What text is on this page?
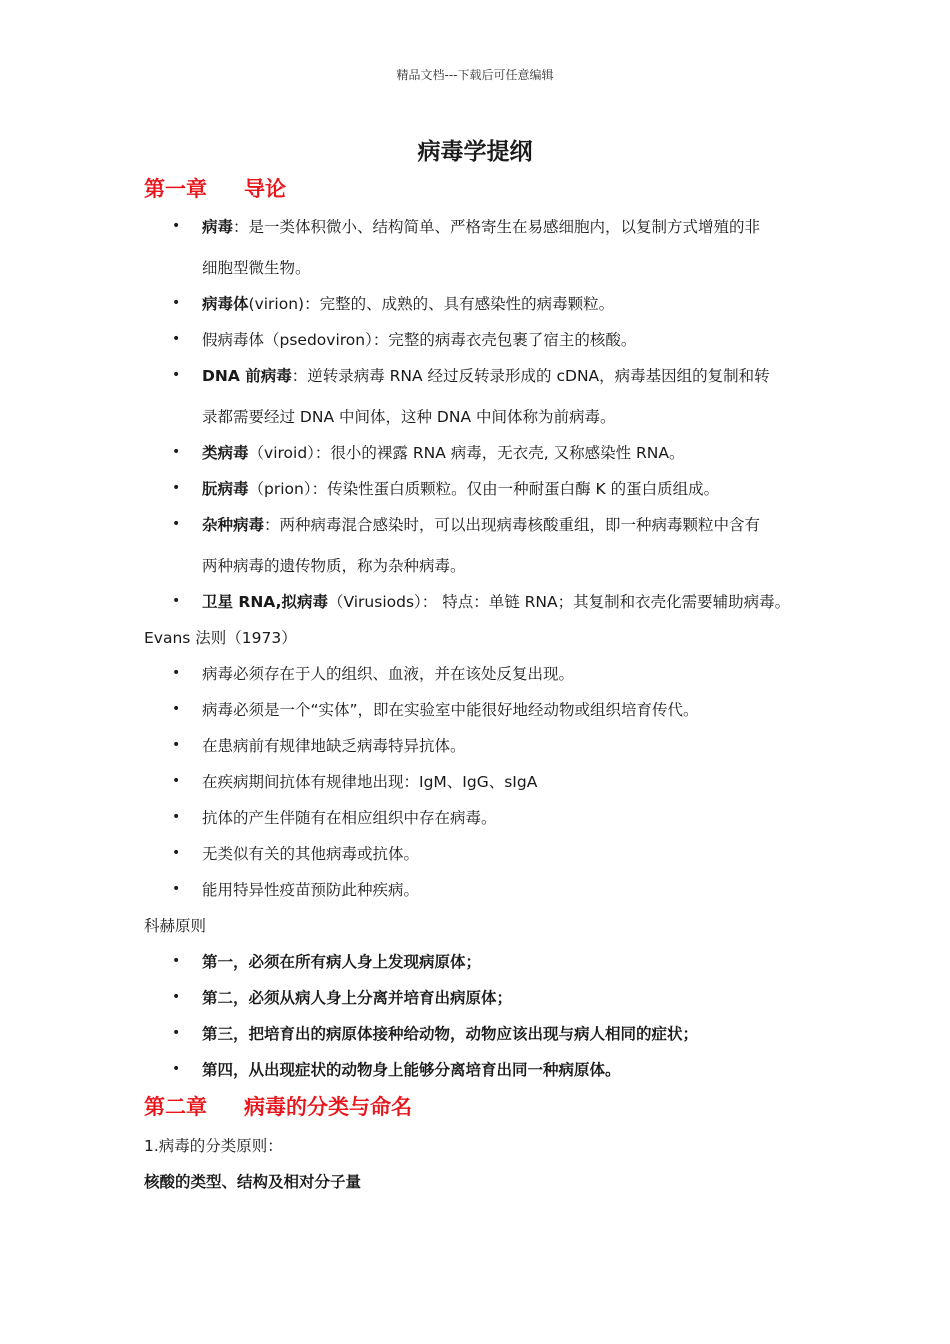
精品文档---下载后可任意编辑
病毒学提纲
第一章 导论
• 病毒：是一类体积微小、结构简单、严格寄生在易感细胞内，以复制方式增殖的非
细胞型微生物。
• 病毒体(virion)：完整的、成熟的、具有感染性的病毒颗粒。
• 假病毒体（psedoviron）：完整的病毒衣壳包裹了宿主的核酸。
• DNA 前病毒：逆转录病毒 RNA 经过反转录形成的 cDNA，病毒基因组的复制和转
录都需要经过 DNA 中间体，这种 DNA 中间体称为前病毒。
• 类病毒（viroid）：很小的裸露 RNA 病毒，无衣壳, 又称感染性 RNA。
• 朊病毒（prion）：传染性蛋白质颗粒。仅由一种耐蛋白酶 K 的蛋白质组成。
• 杂种病毒：两种病毒混合感染时，可以出现病毒核酸重组，即一种病毒颗粒中含有
两种病毒的遗传物质，称为杂种病毒。
• 卫星 RNA,拟病毒（Virusiods）： 特点：单链 RNA；其复制和衣壳化需要辅助病毒。
Evans 法则（1973）
• 病毒必须存在于人的组织、血液，并在该处反复出现。
• 病毒必须是一个“实体”，即在实验室中能很好地经动物或组织培育传代。
• 在患病前有规律地缺乏病毒特异抗体。
• 在疾病期间抗体有规律地出现：IgM、IgG、sIgA
• 抗体的产生伴随有在相应组织中存在病毒。
• 无类似有关的其他病毒或抗体。
• 能用特异性疫苗预防此种疾病。
科赫原则
• 第一，必须在所有病人身上发现病原体；
• 第二，必须从病人身上分离并培育出病原体；
• 第三，把培育出的病原体接种给动物，动物应该出现与病人相同的症状；
• 第四，从出现症状的动物身上能够分离培育出同一种病原体。
第二章 病毒的分类与命名
1.病毒的分类原则：
核酸的类型、结构及相对分子量
